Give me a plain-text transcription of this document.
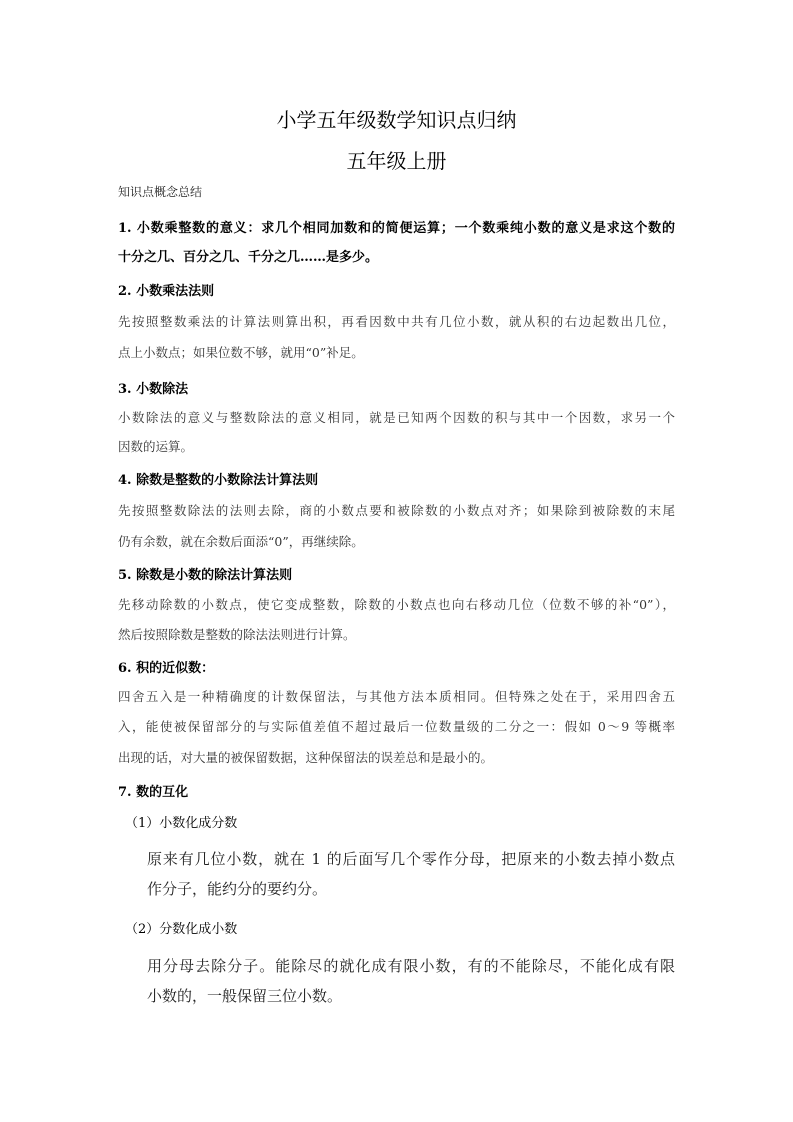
小学五年级数学知识点归纳
五年级上册
知识点概念总结
1. 小数乘整数的意义：求几个相同加数和的简便运算；一个数乘纯小数的意义是求这个数的
十分之几、百分之几、千分之几……是多少。
2. 小数乘法法则
先按照整数乘法的计算法则算出积，再看因数中共有几位小数，就从积的右边起数出几位，
点上小数点；如果位数不够，就用“0”补足。
3. 小数除法
小数除法的意义与整数除法的意义相同，就是已知两个因数的积与其中一个因数，求另一个
因数的运算。
4. 除数是整数的小数除法计算法则
先按照整数除法的法则去除，商的小数点要和被除数的小数点对齐；如果除到被除数的末尾
仍有余数，就在余数后面添“0”，再继续除。
5. 除数是小数的除法计算法则
先移动除数的小数点，使它变成整数，除数的小数点也向右移动几位（位数不够的补“0”），
然后按照除数是整数的除法法则进行计算。
6. 积的近似数：
四舍五入是一种精确度的计数保留法，与其他方法本质相同。但特殊之处在于，采用四舍五
入，能使被保留部分的与实际值差值不超过最后一位数量级的二分之一：假如 0～9 等概率
出现的话，对大量的被保留数据，这种保留法的误差总和是最小的。
7. 数的互化
（1）小数化成分数
原来有几位小数，就在 1 的后面写几个零作分母，把原来的小数去掉小数点
作分子，能约分的要约分。
（2）分数化成小数
用分母去除分子。能除尽的就化成有限小数，有的不能除尽，不能化成有限
小数的，一般保留三位小数。
